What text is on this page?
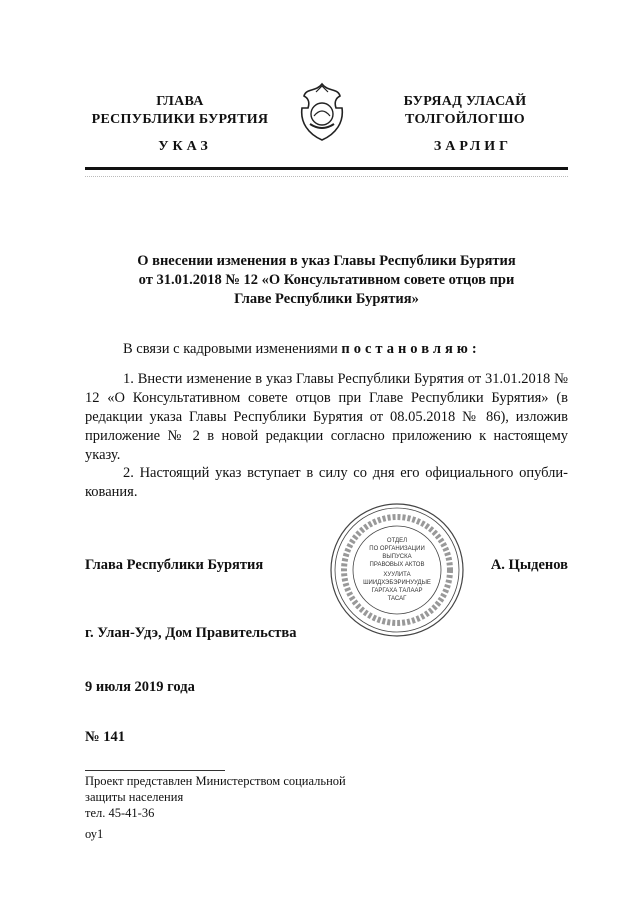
ГЛАВА
РЕСПУБЛИКИ БУРЯТИЯ
УКАЗ
БУРЯАД УЛАСАЙ
ТОЛГОЙЛОГШО
ЗАРЛИГ
О внесении изменения в указ Главы Республики Бурятия
от 31.01.2018 № 12 «О Консультативном совете отцов при
Главе Республики Бурятия»
В связи с кадровыми изменениями постановляю:
1. Внести изменение в указ Главы Республики Бурятия от 31.01.2018 № 12 «О Консультативном совете отцов при Главе Республики Бурятия» (в редакции указа Главы Республики Бурятия от 08.05.2018 № 86), изложив приложение № 2 в новой редакции согласно приложению к настоящему указу.
2. Настоящий указ вступает в силу со дня его официального опубли-кования.
ОТДЕЛ
ПО ОРГАНИЗАЦИИ
ВЫПУСКА
ПРАВОВЫХ АКТОВ
ХУУЛИТА
ШИИДХЭБЭРИНУУДЫЕ
ГАРГАХА ТАЛААР
ТАСАГ
Глава Республики Бурятия	А. Цыденов
г. Улан-Удэ, Дом Правительства
9 июля 2019 года
№ 141
Проект представлен Министерством социальной
защиты населения
тел. 45-41-36
оу1
